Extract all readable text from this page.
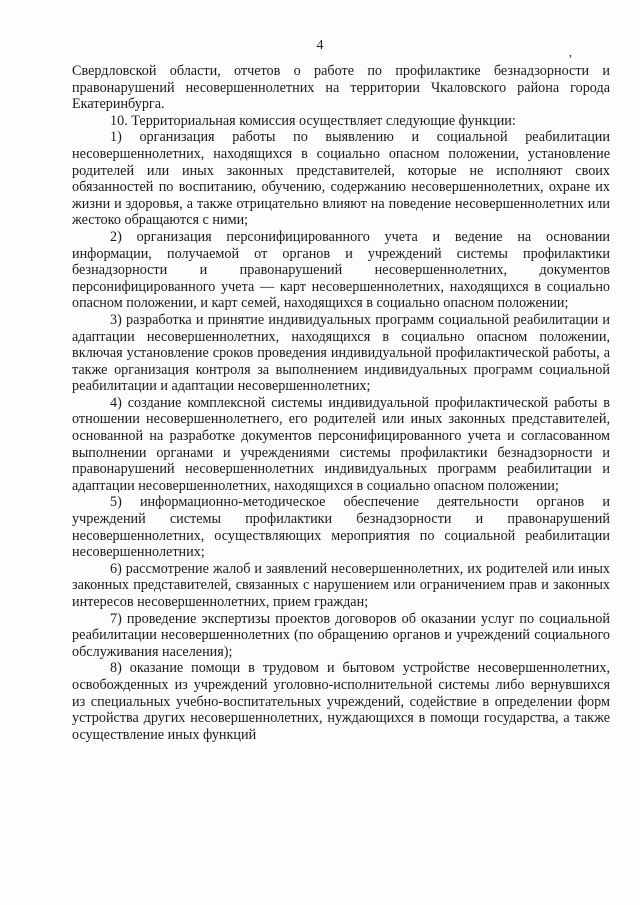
4	,

Свердловской области, отчетов о работе по профилактике безнадзорности и правонарушений несовершеннолетних на территории Чкаловского района города Екатеринбурга.

10. Территориальная комиссия осуществляет следующие функции:

1) организация работы по выявлению и социальной реабилитации несовершеннолетних, находящихся в социально опасном положении, установление родителей или иных законных представителей, которые не исполняют своих обязанностей по воспитанию, обучению, содержанию несовершеннолетних, охране их жизни и здоровья, а также отрицательно влияют на поведение несовершеннолетних или жестоко обращаются с ними;

2) организация персонифицированного учета и ведение на основании информации, получаемой от органов и учреждений системы профилактики безнадзорности и правонарушений несовершеннолетних, документов персонифицированного учета — карт несовершеннолетних, находящихся в социально опасном положении, и карт семей, находящихся в социально опасном положении;

3) разработка и принятие индивидуальных программ социальной реабилитации и адаптации несовершеннолетних, находящихся в социально опасном положении, включая установление сроков проведения индивидуальной профилактической работы, а также организация контроля за выполнением индивидуальных программ социальной реабилитации и адаптации несовершеннолетних;

4) создание комплексной системы индивидуальной профилактической работы в отношении несовершеннолетнего, его родителей или иных законных представителей, основанной на разработке документов персонифицированного учета и согласованном выполнении органами и учреждениями системы профилактики безнадзорности и правонарушений несовершеннолетних индивидуальных программ реабилитации и адаптации несовершеннолетних, находящихся в социально опасном положении;

5) информационно-методическое обеспечение деятельности органов и учреждений системы профилактики безнадзорности и правонарушений несовершеннолетних, осуществляющих мероприятия по социальной реабилитации несовершеннолетних;

6) рассмотрение жалоб и заявлений несовершеннолетних, их родителей или иных законных представителей, связанных с нарушением или ограничением прав и законных интересов несовершеннолетних, прием граждан;

7) проведение экспертизы проектов договоров об оказании услуг по социальной реабилитации несовершеннолетних (по обращению органов и учреждений социального обслуживания населения);

8) оказание помощи в трудовом и бытовом устройстве несовершеннолетних, освобожденных из учреждений уголовно-исполнительной системы либо вернувшихся из специальных учебно-воспитательных учреждений, содействие в определении форм устройства других несовершеннолетних, нуждающихся в помощи государства, а также осуществление иных функций
